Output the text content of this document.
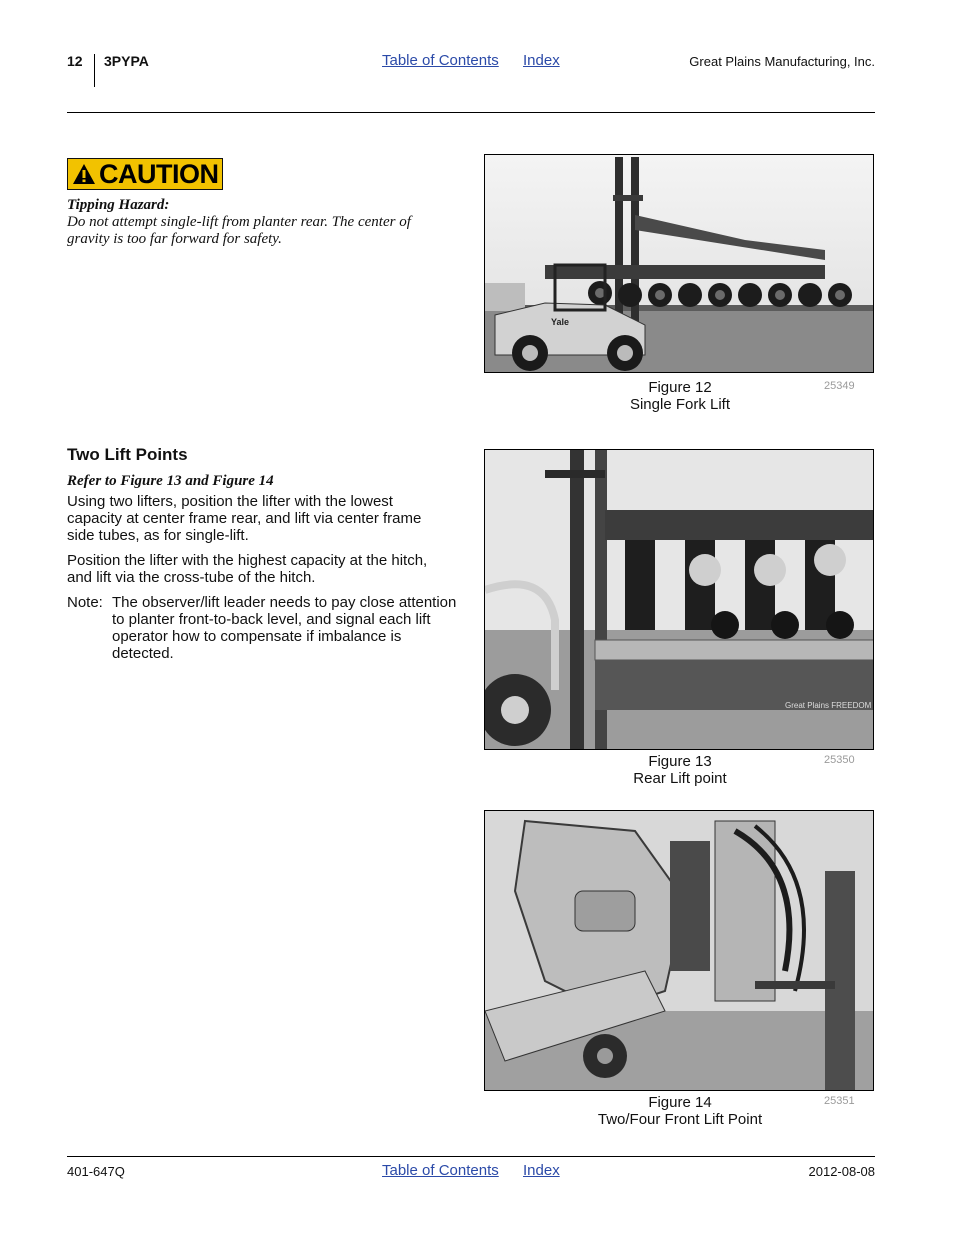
12 3PYPA	Table of Contents Index	Great Plains Manufacturing, Inc.
CAUTION
Tipping Hazard:
Do not attempt single-lift from planter rear. The center of gravity is too far forward for safety.
Yale
Figure 12
Single Fork Lift
25349
Two Lift Points
Refer to Figure 13 and Figure 14
Using two lifters, position the lifter with the lowest capacity at center frame rear, and lift via center frame side tubes, as for single-lift.
Position the lifter with the highest capacity at the hitch, and lift via the cross-tube of the hitch.
Note: The observer/lift leader needs to pay close attention to planter front-to-back level, and signal each lift operator how to compensate if imbalance is detected.
Great Plains FREEDOM
Figure 13
Rear Lift point
25350
Figure 14
Two/Four Front Lift Point
25351
401-647Q	Table of Contents Index	2012-08-08
